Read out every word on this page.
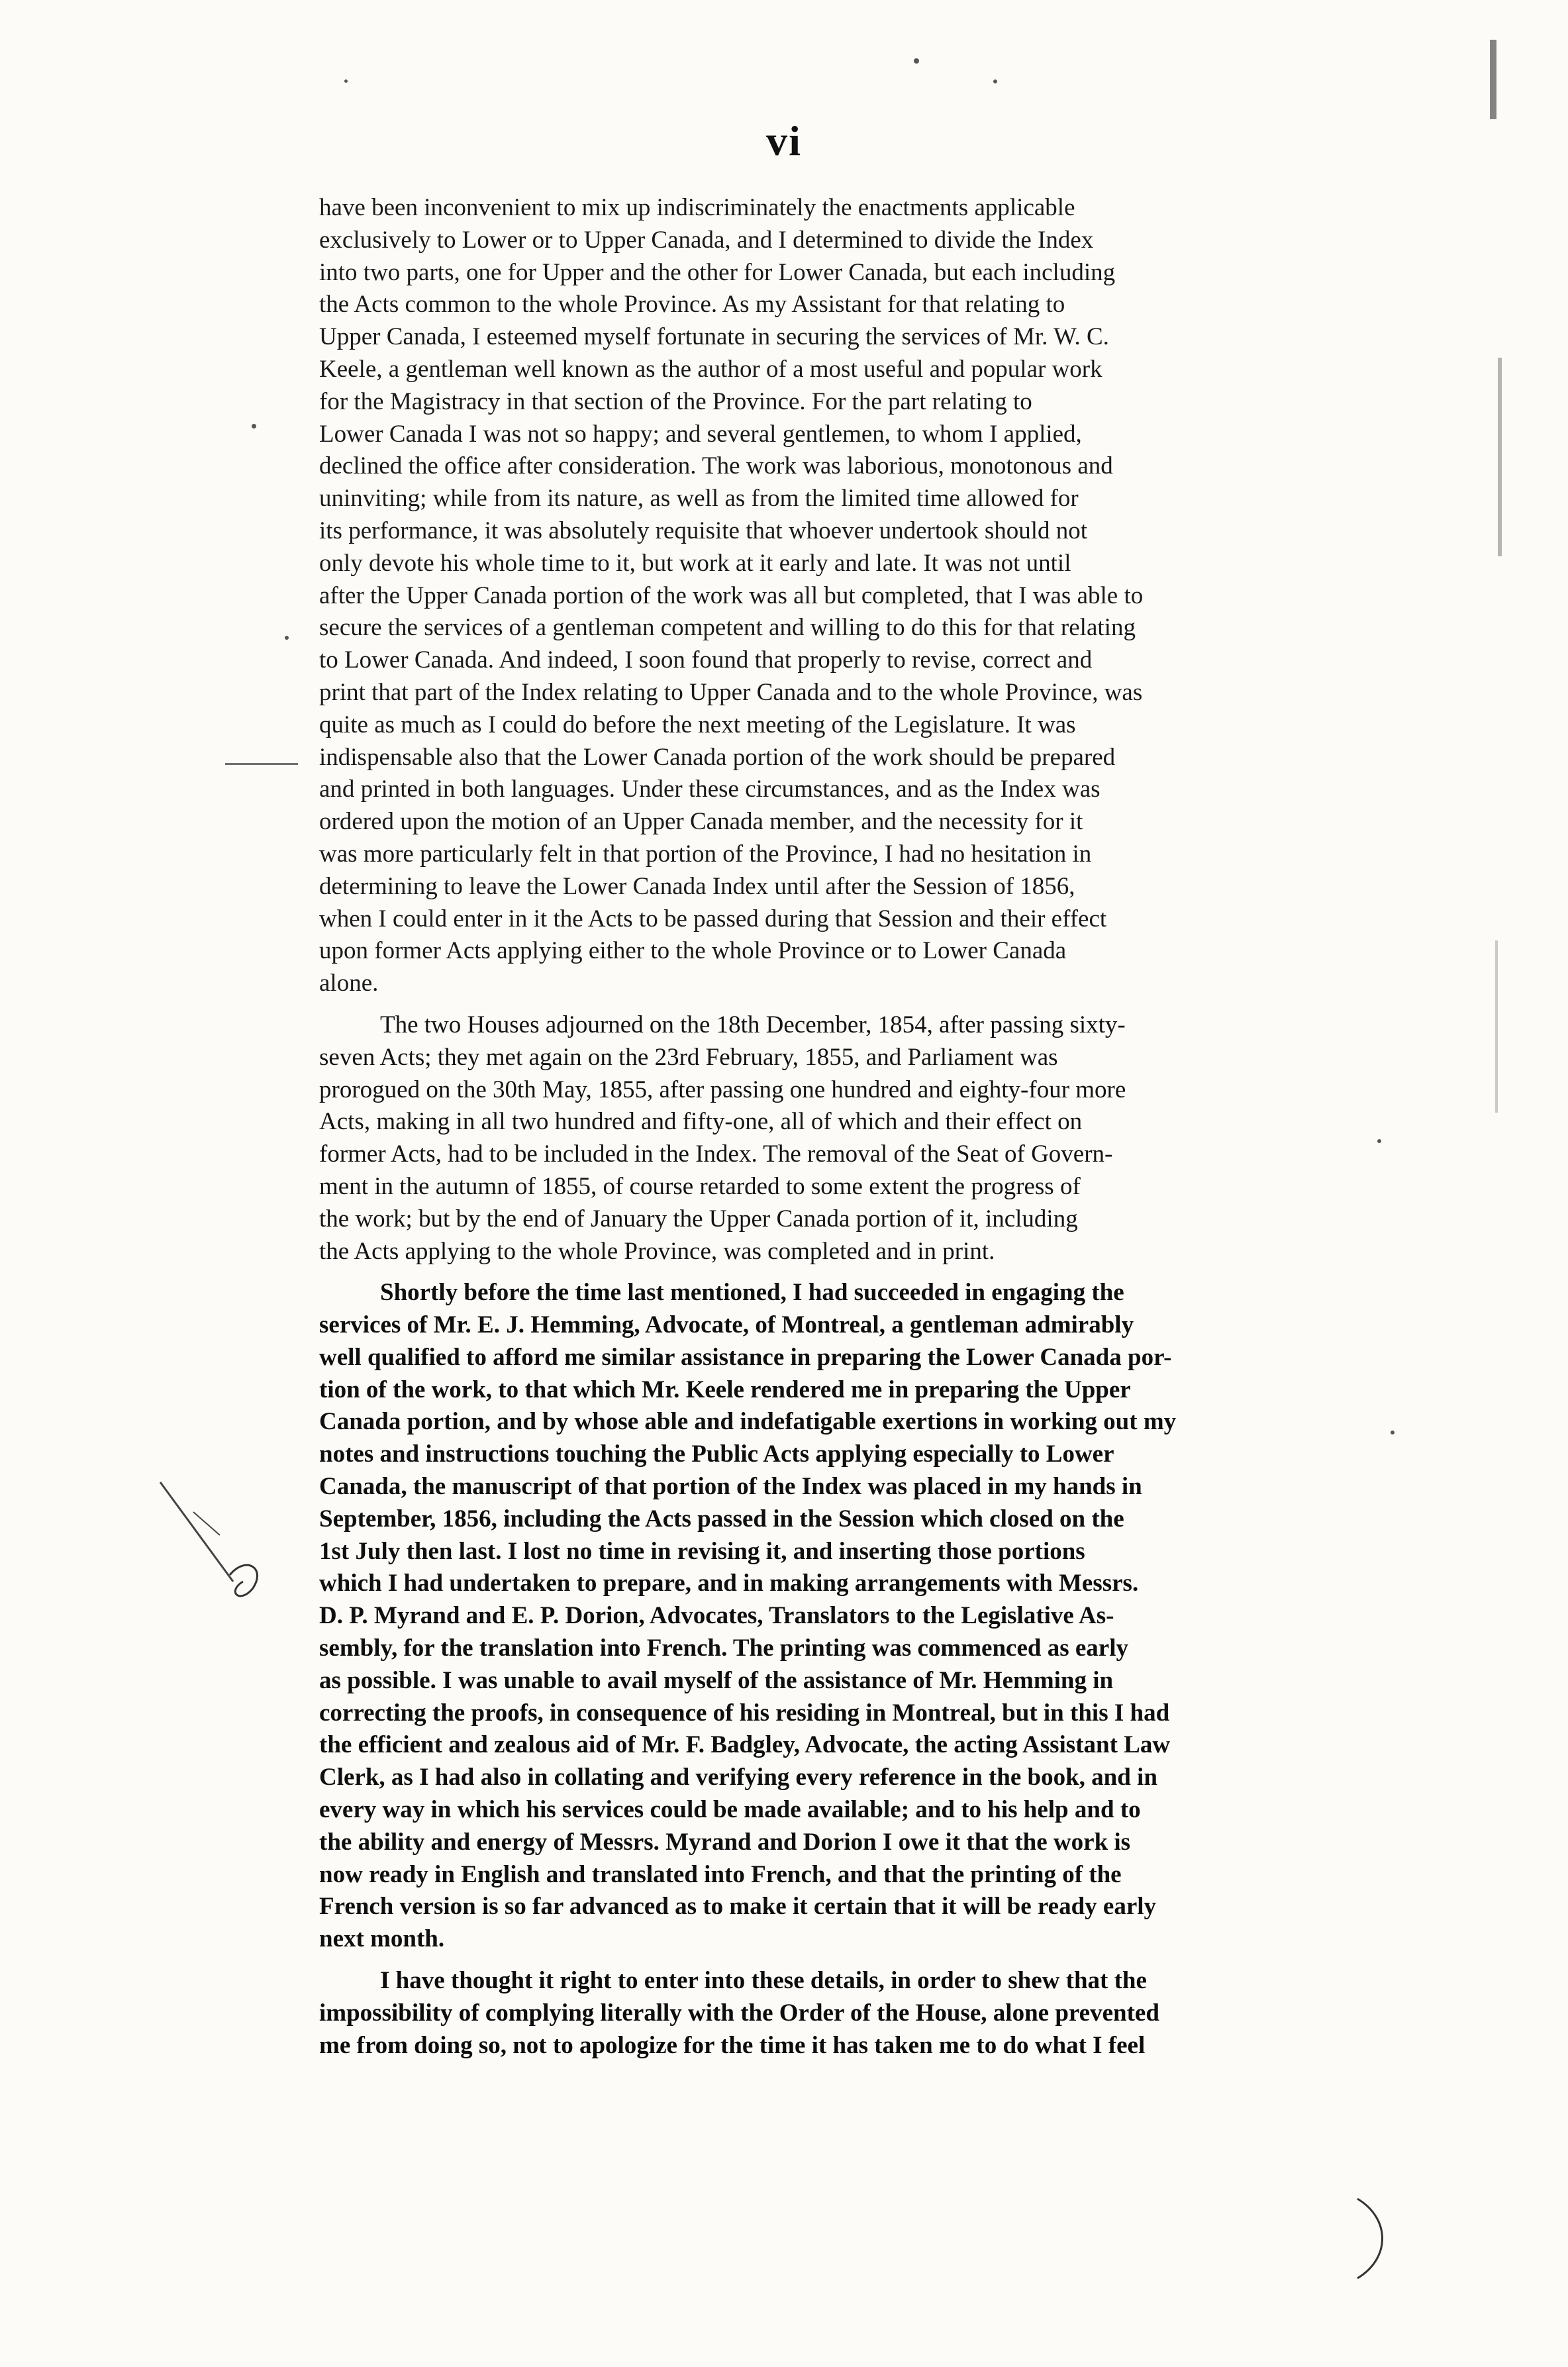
vi
have been inconvenient to mix up indiscriminately the enactments applicable
exclusively to Lower or to Upper Canada, and I determined to divide the Index
into two parts, one for Upper and the other for Lower Canada, but each including
the Acts common to the whole Province. As my Assistant for that relating to
Upper Canada, I esteemed myself fortunate in securing the services of Mr. W. C.
Keele, a gentleman well known as the author of a most useful and popular work
for the Magistracy in that section of the Province. For the part relating to
Lower Canada I was not so happy; and several gentlemen, to whom I applied,
declined the office after consideration. The work was laborious, monotonous and
uninviting; while from its nature, as well as from the limited time allowed for
its performance, it was absolutely requisite that whoever undertook should not
only devote his whole time to it, but work at it early and late. It was not until
after the Upper Canada portion of the work was all but completed, that I was able to
secure the services of a gentleman competent and willing to do this for that relating
to Lower Canada. And indeed, I soon found that properly to revise, correct and
print that part of the Index relating to Upper Canada and to the whole Province, was
quite as much as I could do before the next meeting of the Legislature. It was
indispensable also that the Lower Canada portion of the work should be prepared
and printed in both languages. Under these circumstances, and as the Index was
ordered upon the motion of an Upper Canada member, and the necessity for it
was more particularly felt in that portion of the Province, I had no hesitation in
determining to leave the Lower Canada Index until after the Session of 1856,
when I could enter in it the Acts to be passed during that Session and their effect
upon former Acts applying either to the whole Province or to Lower Canada
alone.
The two Houses adjourned on the 18th December, 1854, after passing sixty-
seven Acts; they met again on the 23rd February, 1855, and Parliament was
prorogued on the 30th May, 1855, after passing one hundred and eighty-four more
Acts, making in all two hundred and fifty-one, all of which and their effect on
former Acts, had to be included in the Index. The removal of the Seat of Govern-
ment in the autumn of 1855, of course retarded to some extent the progress of
the work; but by the end of January the Upper Canada portion of it, including
the Acts applying to the whole Province, was completed and in print.
Shortly before the time last mentioned, I had succeeded in engaging the
services of Mr. E. J. Hemming, Advocate, of Montreal, a gentleman admirably
well qualified to afford me similar assistance in preparing the Lower Canada por-
tion of the work, to that which Mr. Keele rendered me in preparing the Upper
Canada portion, and by whose able and indefatigable exertions in working out my
notes and instructions touching the Public Acts applying especially to Lower
Canada, the manuscript of that portion of the Index was placed in my hands in
September, 1856, including the Acts passed in the Session which closed on the
1st July then last. I lost no time in revising it, and inserting those portions
which I had undertaken to prepare, and in making arrangements with Messrs.
D. P. Myrand and E. P. Dorion, Advocates, Translators to the Legislative As-
sembly, for the translation into French. The printing was commenced as early
as possible. I was unable to avail myself of the assistance of Mr. Hemming in
correcting the proofs, in consequence of his residing in Montreal, but in this I had
the efficient and zealous aid of Mr. F. Badgley, Advocate, the acting Assistant Law
Clerk, as I had also in collating and verifying every reference in the book, and in
every way in which his services could be made available; and to his help and to
the ability and energy of Messrs. Myrand and Dorion I owe it that the work is
now ready in English and translated into French, and that the printing of the
French version is so far advanced as to make it certain that it will be ready early
next month.
I have thought it right to enter into these details, in order to shew that the
impossibility of complying literally with the Order of the House, alone prevented
me from doing so, not to apologize for the time it has taken me to do what I feel
